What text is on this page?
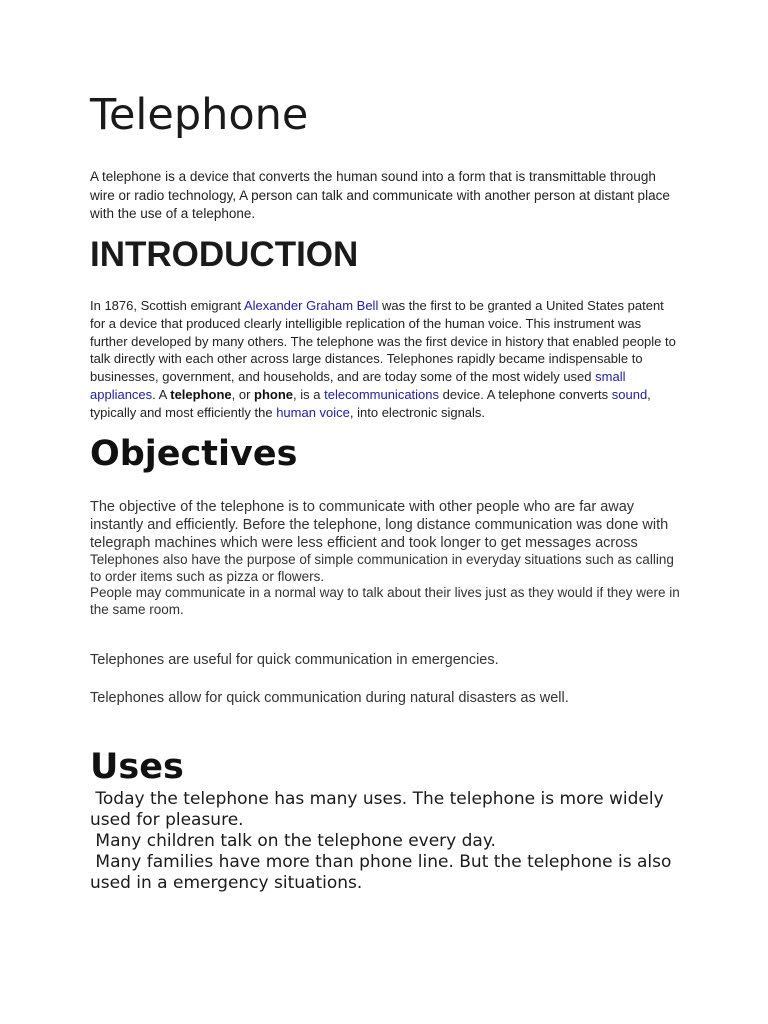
Telephone
A telephone is a device that converts the human sound into a form that is transmittable through wire or radio technology, A person can talk and communicate with another person at distant place with the use of a telephone.
INTRODUCTION
In 1876, Scottish emigrant Alexander Graham Bell was the first to be granted a United States patent for a device that produced clearly intelligible replication of the human voice. This instrument was further developed by many others. The telephone was the first device in history that enabled people to talk directly with each other across large distances. Telephones rapidly became indispensable to businesses, government, and households, and are today some of the most widely used small appliances. A telephone, or phone, is a telecommunications device. A telephone converts sound, typically and most efficiently the human voice, into electronic signals.
Objectives

The objective of the telephone is to communicate with other people who are far away instantly and efficiently. Before the telephone, long distance communication was done with telegraph machines which were less efficient and took longer to get messages across

Telephones also have the purpose of simple communication in everyday situations such as calling to order items such as pizza or flowers.

People may communicate in a normal way to talk about their lives just as they would if they were in the same room.

Telephones are useful for quick communication in emergencies.

Telephones allow for quick communication during natural disasters as well.

Uses

Today the telephone has many uses. The telephone is more widely used for pleasure.

Many children talk on the telephone every day.

Many families have more than phone line. But the telephone is also used in a emergency situations.
